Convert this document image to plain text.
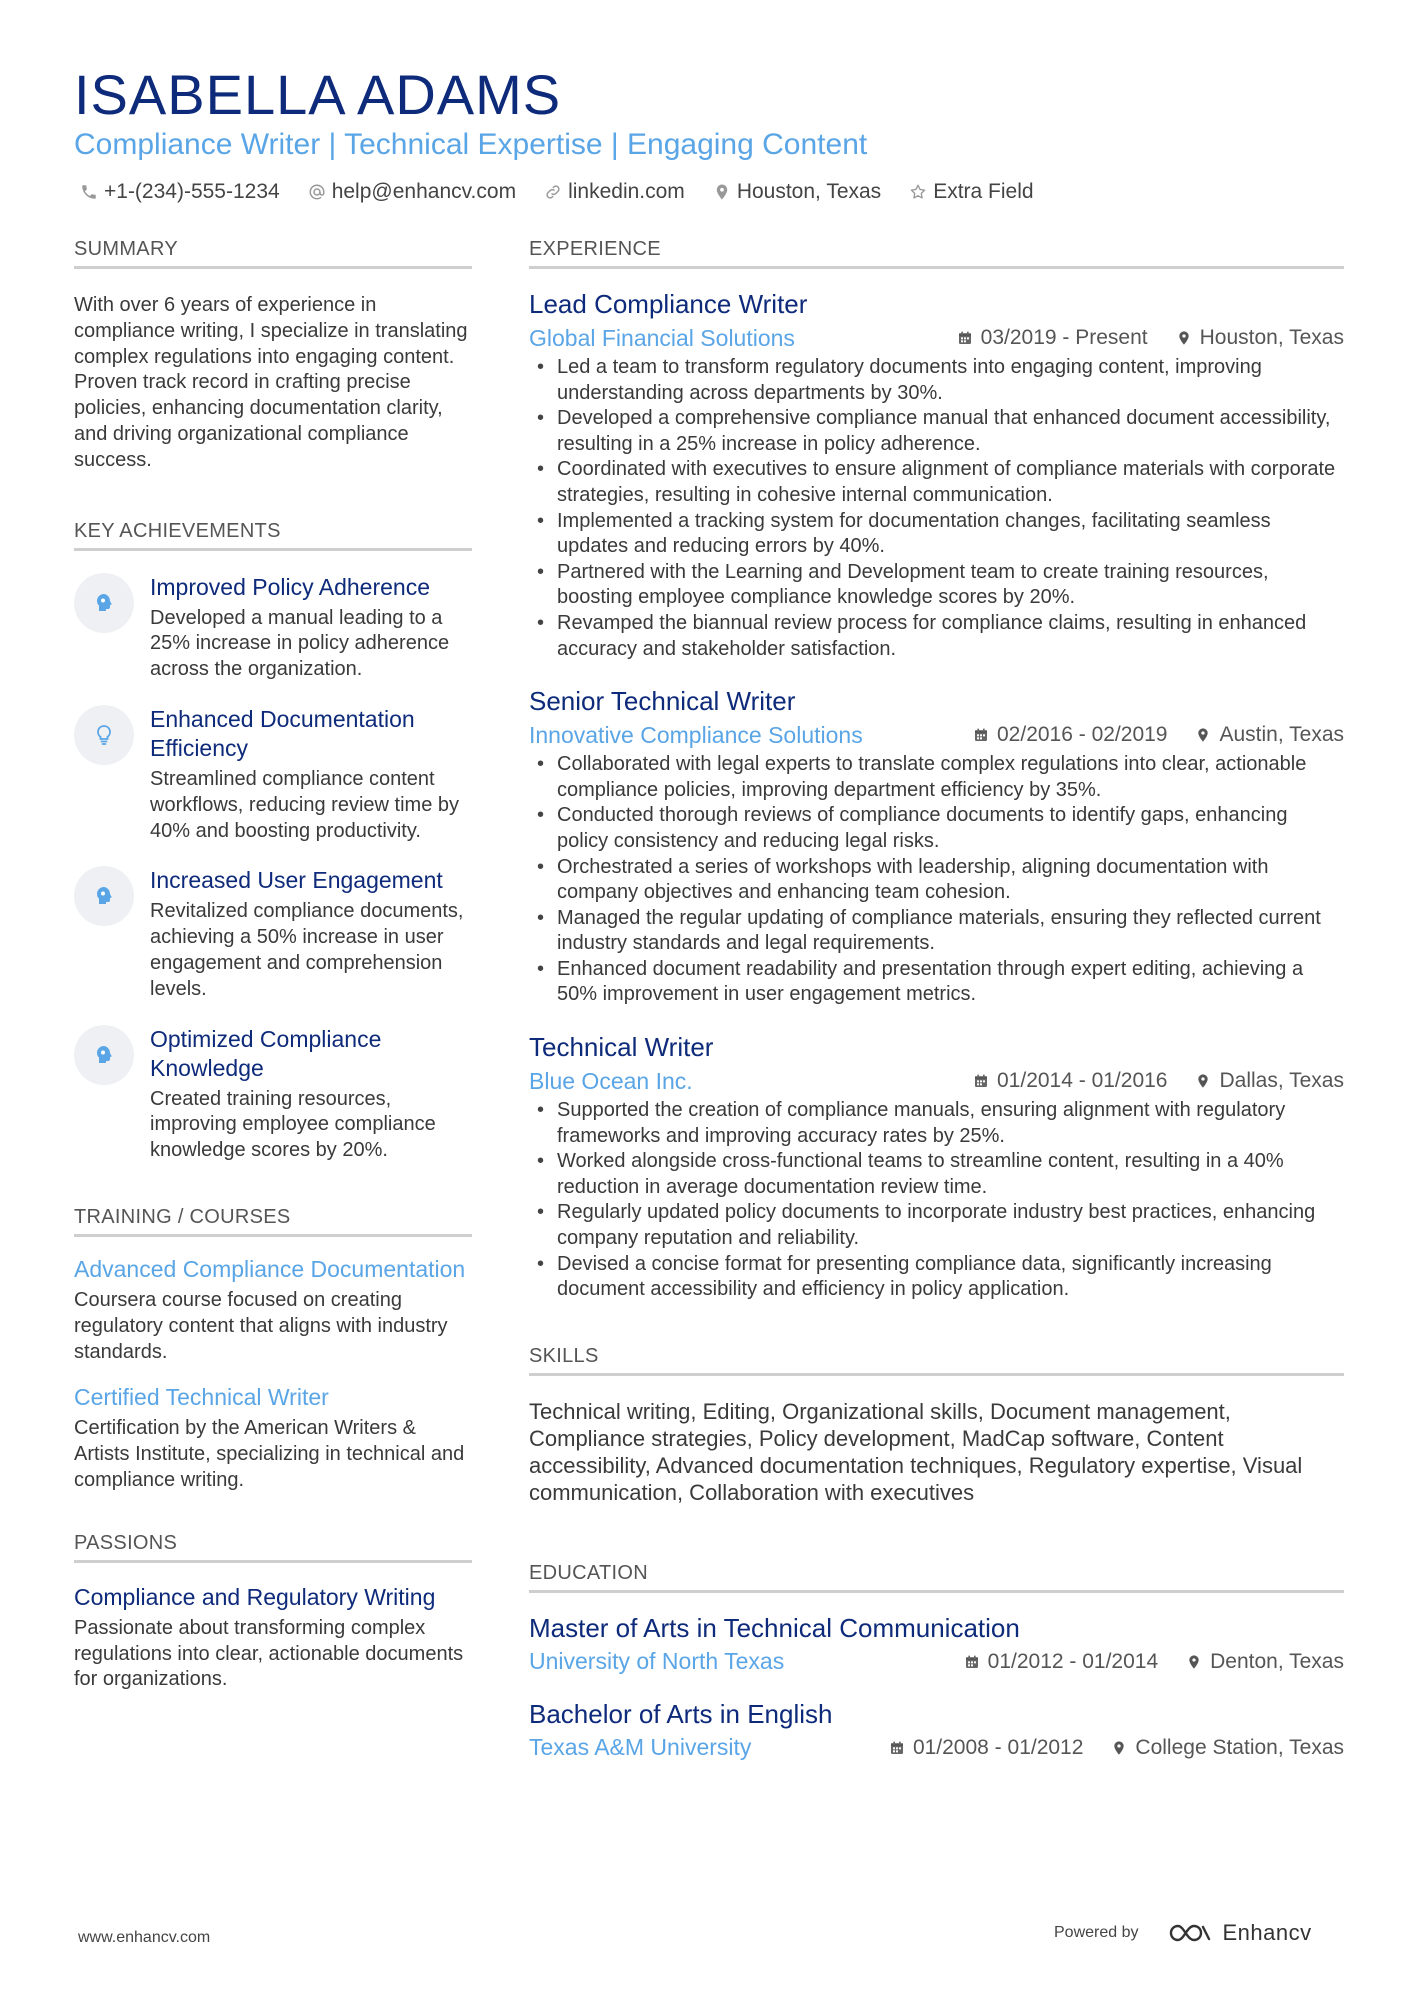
ISABELLA ADAMS
Compliance Writer | Technical Expertise | Engaging Content
+1-(234)-555-1234 help@enhancv.com linkedin.com Houston, Texas Extra Field
SUMMARY
With over 6 years of experience in compliance writing, I specialize in translating complex regulations into engaging content. Proven track record in crafting precise policies, enhancing documentation clarity, and driving organizational compliance success.
KEY ACHIEVEMENTS
Improved Policy Adherence
Developed a manual leading to a 25% increase in policy adherence across the organization.
Enhanced Documentation Efficiency
Streamlined compliance content workflows, reducing review time by 40% and boosting productivity.
Increased User Engagement
Revitalized compliance documents, achieving a 50% increase in user engagement and comprehension levels.
Optimized Compliance Knowledge
Created training resources, improving employee compliance knowledge scores by 20%.
TRAINING / COURSES
Advanced Compliance Documentation
Coursera course focused on creating regulatory content that aligns with industry standards.
Certified Technical Writer
Certification by the American Writers & Artists Institute, specializing in technical and compliance writing.
PASSIONS
Compliance and Regulatory Writing
Passionate about transforming complex regulations into clear, actionable documents for organizations.
EXPERIENCE
Lead Compliance Writer
Global Financial Solutions	03/2019 - Present Houston, Texas
• Led a team to transform regulatory documents into engaging content, improving understanding across departments by 30%.
• Developed a comprehensive compliance manual that enhanced document accessibility, resulting in a 25% increase in policy adherence.
• Coordinated with executives to ensure alignment of compliance materials with corporate strategies, resulting in cohesive internal communication.
• Implemented a tracking system for documentation changes, facilitating seamless updates and reducing errors by 40%.
• Partnered with the Learning and Development team to create training resources, boosting employee compliance knowledge scores by 20%.
• Revamped the biannual review process for compliance claims, resulting in enhanced accuracy and stakeholder satisfaction.
Senior Technical Writer
Innovative Compliance Solutions	02/2016 - 02/2019 Austin, Texas
• Collaborated with legal experts to translate complex regulations into clear, actionable compliance policies, improving department efficiency by 35%.
• Conducted thorough reviews of compliance documents to identify gaps, enhancing policy consistency and reducing legal risks.
• Orchestrated a series of workshops with leadership, aligning documentation with company objectives and enhancing team cohesion.
• Managed the regular updating of compliance materials, ensuring they reflected current industry standards and legal requirements.
• Enhanced document readability and presentation through expert editing, achieving a 50% improvement in user engagement metrics.
Technical Writer
Blue Ocean Inc.	01/2014 - 01/2016 Dallas, Texas
• Supported the creation of compliance manuals, ensuring alignment with regulatory frameworks and improving accuracy rates by 25%.
• Worked alongside cross-functional teams to streamline content, resulting in a 40% reduction in average documentation review time.
• Regularly updated policy documents to incorporate industry best practices, enhancing company reputation and reliability.
• Devised a concise format for presenting compliance data, significantly increasing document accessibility and efficiency in policy application.
SKILLS
Technical writing, Editing, Organizational skills, Document management, Compliance strategies, Policy development, MadCap software, Content accessibility, Advanced documentation techniques, Regulatory expertise, Visual communication, Collaboration with executives
EDUCATION
Master of Arts in Technical Communication
University of North Texas	01/2012 - 01/2014 Denton, Texas
Bachelor of Arts in English
Texas A&M University	01/2008 - 01/2012 College Station, Texas
www.enhancv.com	Powered by	Enhancv
